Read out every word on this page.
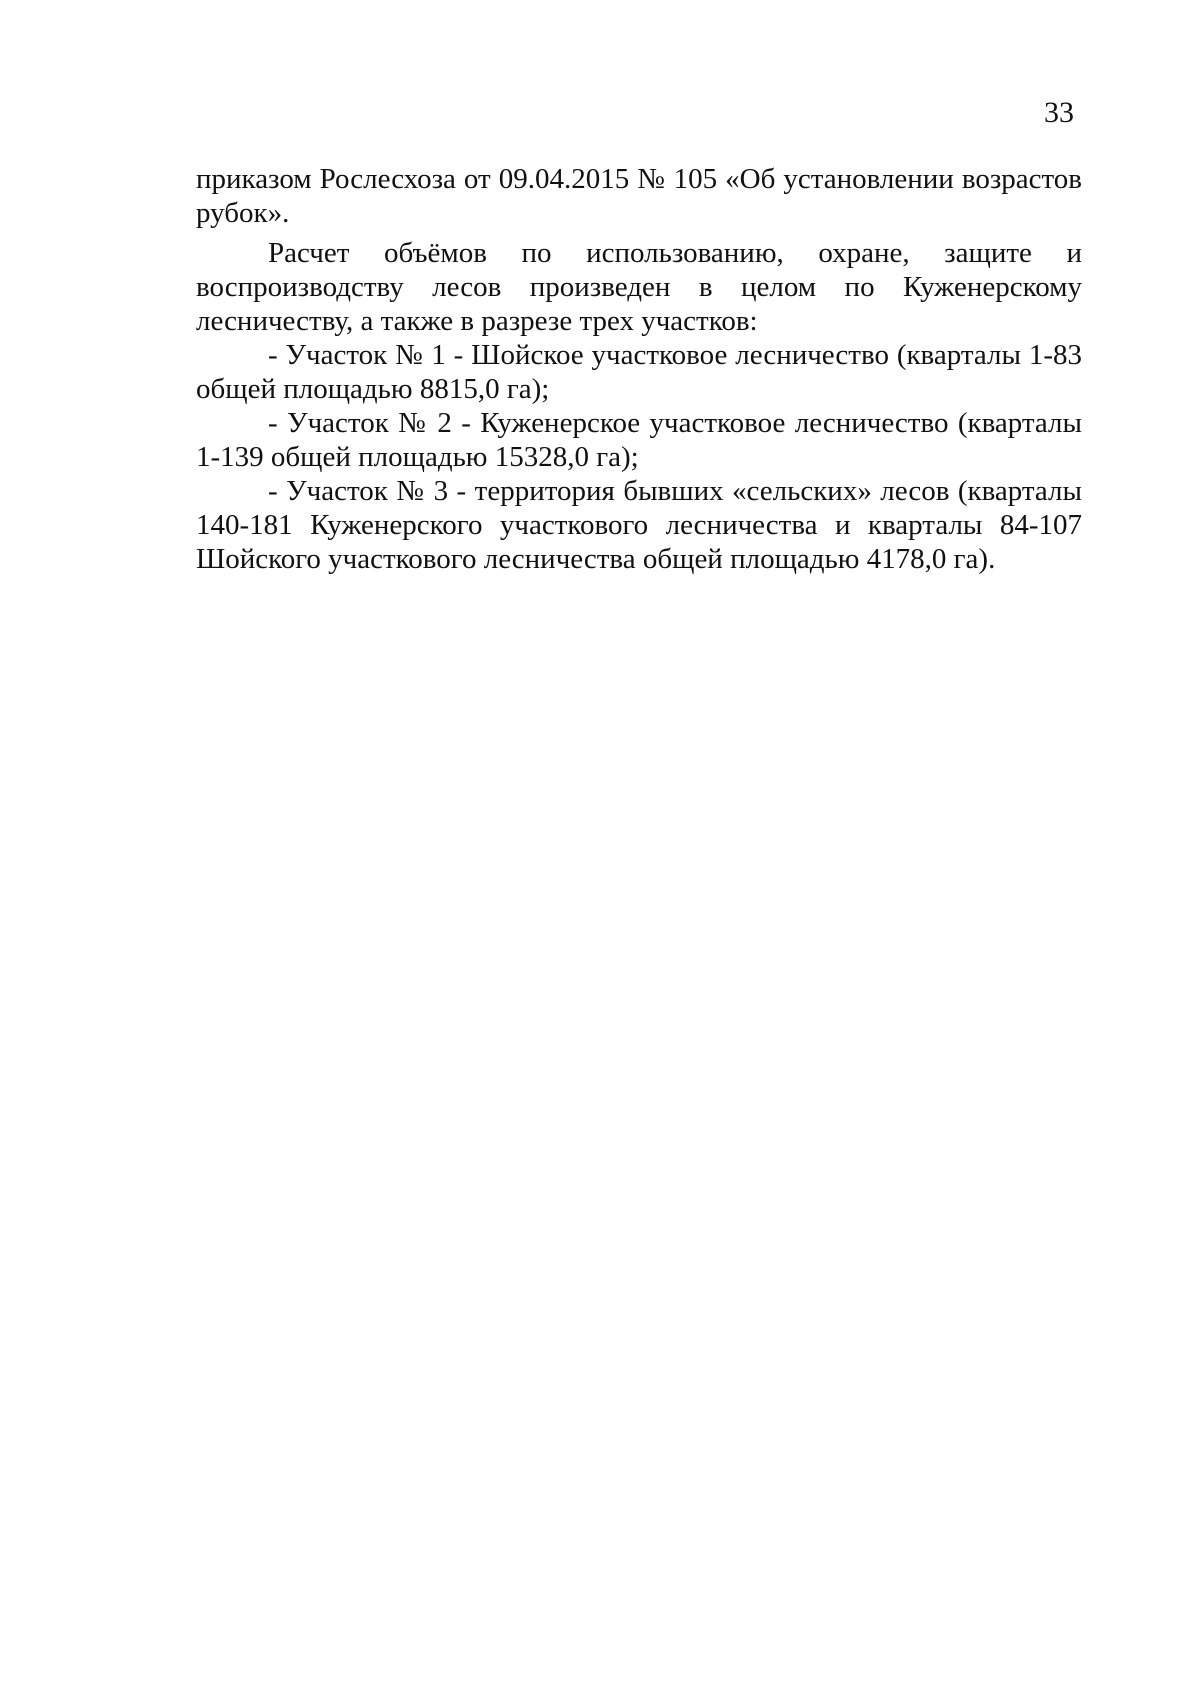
33

приказом Рослесхоза от 09.04.2015 № 105 «Об установлении возрастов рубок».

Расчет объёмов по использованию, охране, защите и воспроизводству лесов произведен в целом по Куженерскому лесничеству, а также в разрезе трех участков:

- Участок № 1 - Шойское участковое лесничество (кварталы 1-83 общей площадью 8815,0 га);

- Участок № 2 - Куженерское участковое лесничество (кварталы 1-139 общей площадью 15328,0 га);

- Участок № 3 - территория бывших «сельских» лесов (кварталы 140-181 Куженерского участкового лесничества и кварталы 84-107 Шойского участкового лесничества общей площадью 4178,0 га).
